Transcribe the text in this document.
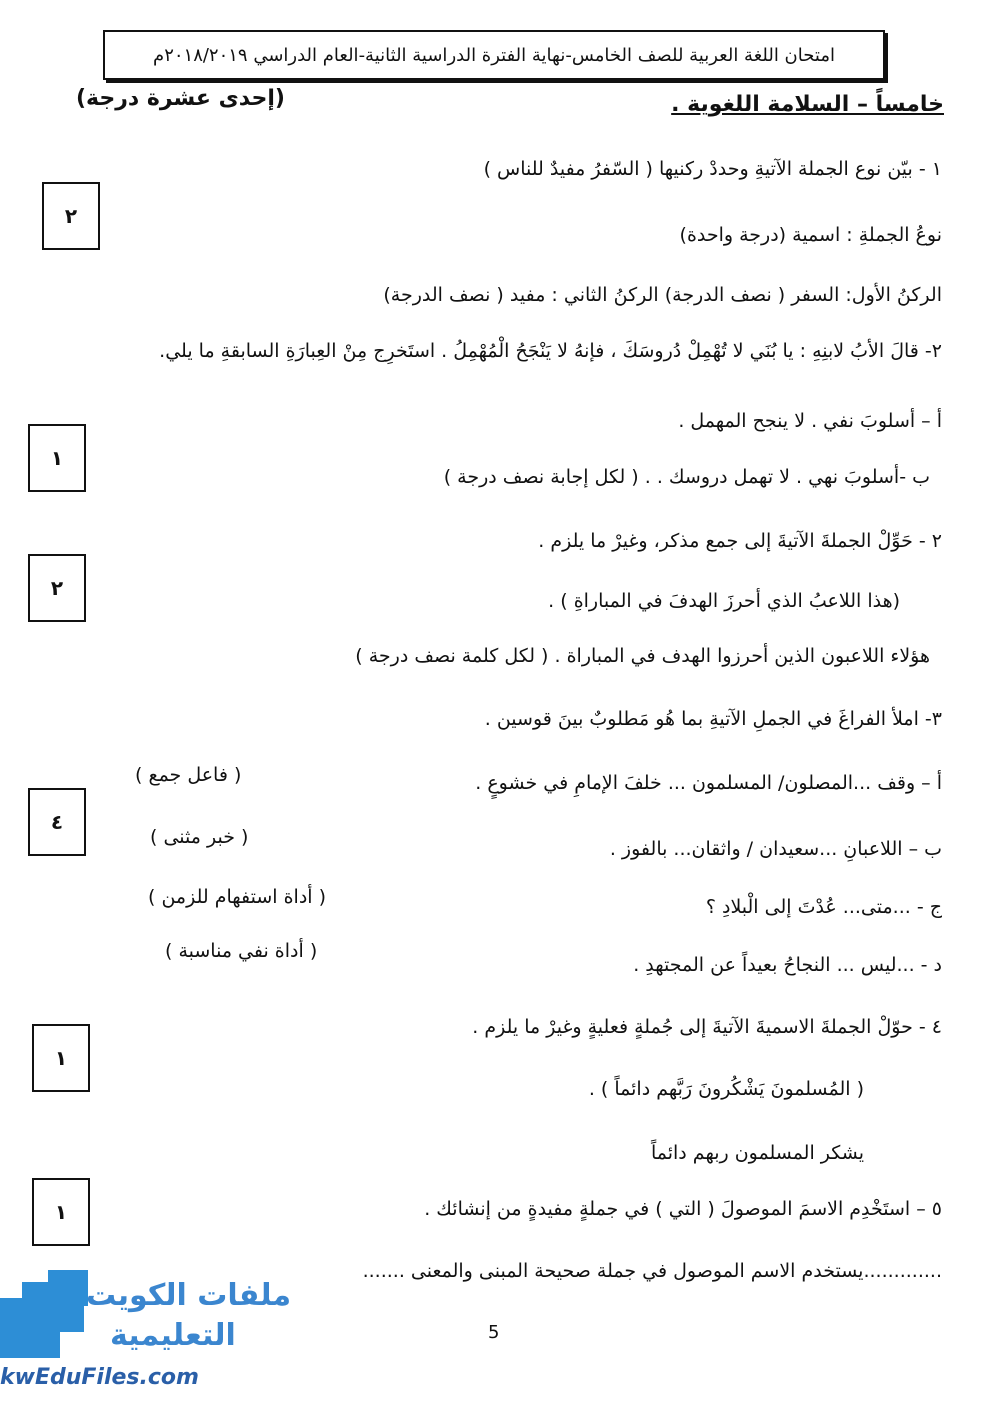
امتحان اللغة العربية للصف الخامس-نهاية الفترة الدراسية الثانية-العام الدراسي ٢٠١٨/٢٠١٩م
خامساً – السلامة اللغوية .
(إحدى عشرة درجة)
١ - بيّن نوع الجملة الآتيةِ وحددْ ركنيها ( السّفرُ مفيدٌ للناس )
نوعُ الجملةِ : اسمية (درجة واحدة)
الركنُ الأول: السفر ( نصف الدرجة) الركنُ الثاني : مفيد ( نصف الدرجة)
٢- قالَ الأبُ لابنِهِ : يا بُنَي لا تُهْمِلْ دُروسَكَ ، فإنهُ لا يَنْجَحُ الْمُهْمِلُ . استَخرِج مِنْ العِبارَةِ السابقةِ ما يلي.
أ – أسلوبَ نفي . لا ينجح المهمل .
ب -أسلوبَ نهي . لا تهمل دروسك . . ( لكل إجابة نصف درجة )
٢ - حَوِّلْ الجملةَ الآتيةَ إلى جمع مذكر، وغيرْ ما يلزم .
(هذا اللاعبُ الذي أحرزَ الهدفَ في المباراةِ ) .
هؤلاء اللاعبون الذين أحرزوا الهدف في المباراة . ( لكل كلمة نصف درجة )
٣- املأ الفراغَ في الجملِ الآتيةِ بما هُو مَطلوبٌ بينَ قوسين .
أ – وقف ...المصلون/ المسلمون ... خلفَ الإمامِ في خشوعٍ .
( فاعل جمع )
ب – اللاعبانِ ...سعيدان / واثقان... بالفوز .
( خبر مثنى )
ج - ...متى... عُدْتَ إلى الْبلادِ ؟
( أداة استفهام للزمن )
د - ...ليس ... النجاحُ بعيداً عن المجتهدِ .
( أداة نفي مناسبة )
٤ - حوّلْ الجملةَ الاسميةَ الآتيةَ إلى جُملةٍ فعليةٍ وغيرْ ما يلزم .
( المُسلمونَ يَشْكُرونَ رَبَّهم دائماً ) .
يشكر المسلمون ربهم دائماً
٥ – استَخْدِم الاسمَ الموصولَ ( التي ) في جملةٍ مفيدةٍ من إنشائك .
.............يستخدم الاسم الموصول في جملة صحيحة المبنى والمعنى .......
٢
١
٢
٤
١
١
5
ملفات الكويت
التعليمية
kwEduFiles.com
